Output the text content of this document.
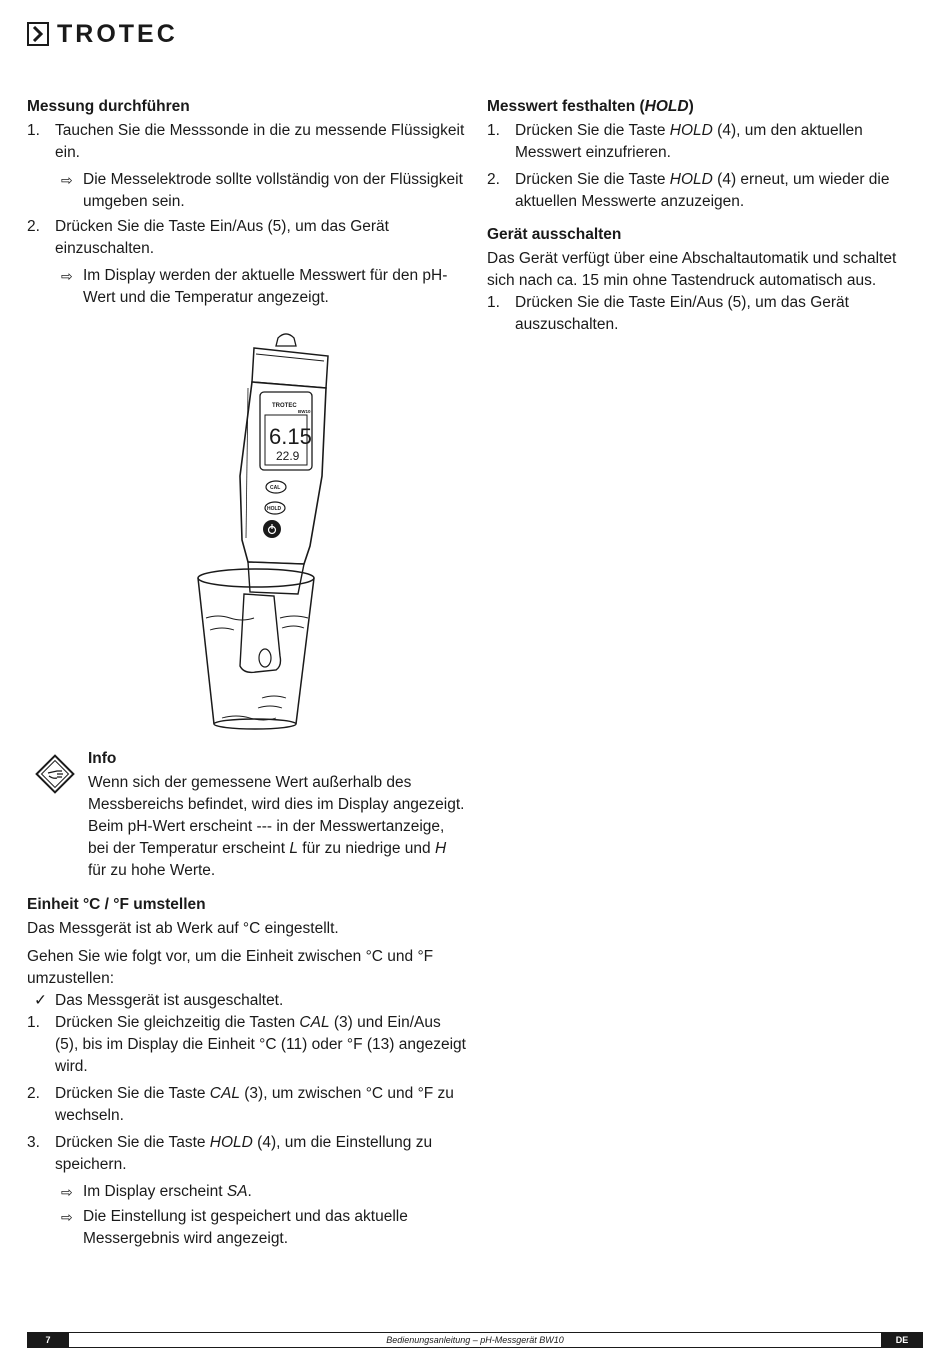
TROTEC
Messung durchführen
1. Tauchen Sie die Messsonde in die zu messende Flüssigkeit ein.
⇨ Die Messelektrode sollte vollständig von der Flüssigkeit umgeben sein.
2. Drücken Sie die Taste Ein/Aus (5), um das Gerät einzuschalten.
⇨ Im Display werden der aktuelle Messwert für den pH-Wert und die Temperatur angezeigt.
TROTEC
BW10
6.15
22.9
CAL
HOLD
Info

Wenn sich der gemessene Wert außerhalb des Messbereichs befindet, wird dies im Display angezeigt. Beim pH-Wert erscheint --- in der Messwertanzeige, bei der Temperatur erscheint L für zu niedrige und H für zu hohe Werte.

Einheit °C / °F umstellen

Das Messgerät ist ab Werk auf °C eingestellt.

Gehen Sie wie folgt vor, um die Einheit zwischen °C und °F umzustellen:

✓ Das Messgerät ist ausgeschaltet.
1. Drücken Sie gleichzeitig die Tasten CAL (3) und Ein/Aus (5), bis im Display die Einheit °C (11) oder °F (13) angezeigt wird.
2. Drücken Sie die Taste CAL (3), um zwischen °C und °F zu wechseln.
3. Drücken Sie die Taste HOLD (4), um die Einstellung zu speichern.
⇨ Im Display erscheint SA.
⇨ Die Einstellung ist gespeichert und das aktuelle Messergebnis wird angezeigt.
Messwert festhalten (HOLD)
1. Drücken Sie die Taste HOLD (4), um den aktuellen Messwert einzufrieren.
2. Drücken Sie die Taste HOLD (4) erneut, um wieder die aktuellen Messwerte anzuzeigen.
Gerät ausschalten

Das Gerät verfügt über eine Abschaltautomatik und schaltet sich nach ca. 15 min ohne Tastendruck automatisch aus.

1. Drücken Sie die Taste Ein/Aus (5), um das Gerät auszuschalten.
7	Bedienungsanleitung – pH-Messgerät BW10	DE
